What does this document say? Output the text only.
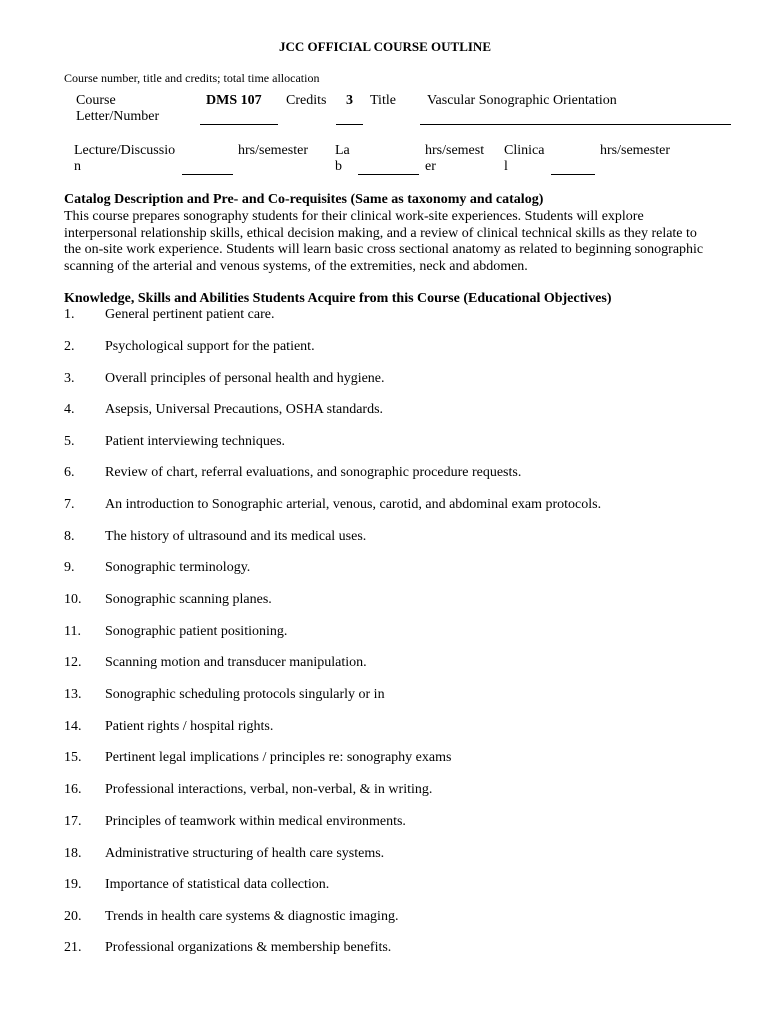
JCC OFFICIAL COURSE OUTLINE
Course number, title and credits; total time allocation
Course
Letter/Number
DMS 107 Credits 3 Title Vascular Sonographic Orientation
Lecture/Discussio
n
hrs/semester La
b
hrs/semest
er
Clinica
l
hrs/semester
Catalog Description and Pre- and Co-requisites (Same as taxonomy and catalog)
This course prepares sonography students for their clinical work-site experiences. Students will explore interpersonal relationship skills, ethical decision making, and a review of clinical technical skills as they relate to the on-site work experience. Students will learn basic cross sectional anatomy as related to beginning sonographic scanning of the arterial and venous systems, of the extremities, neck and abdomen.
Knowledge, Skills and Abilities Students Acquire from this Course (Educational Objectives)
1. General pertinent patient care.
2. Psychological support for the patient.
3. Overall principles of personal health and hygiene.
4. Asepsis, Universal Precautions, OSHA standards.
5. Patient interviewing techniques.
6. Review of chart, referral evaluations, and sonographic procedure requests.
7. An introduction to Sonographic arterial, venous, carotid, and abdominal exam protocols.
8. The history of ultrasound and its medical uses.
9. Sonographic terminology.
10. Sonographic scanning planes.
11. Sonographic patient positioning.
12. Scanning motion and transducer manipulation.
13. Sonographic scheduling protocols singularly or in
14. Patient rights / hospital rights.
15. Pertinent legal implications / principles re: sonography exams
16. Professional interactions, verbal, non-verbal, & in writing.
17. Principles of teamwork within medical environments.
18. Administrative structuring of health care systems.
19. Importance of statistical data collection.
20. Trends in health care systems & diagnostic imaging.
21. Professional organizations & membership benefits.
